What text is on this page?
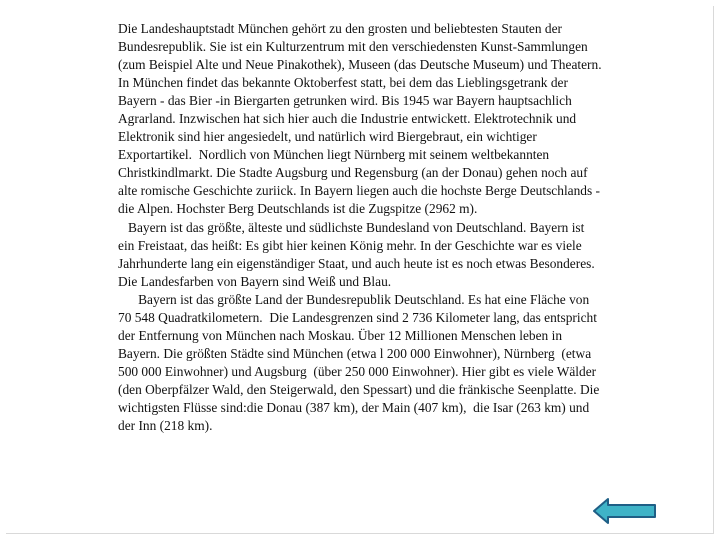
Die Landeshauptstadt München gehört zu den grosten und beliebtesten Stauten der
Bundesrepublik. Sie ist ein Kulturzentrum mit den verschiedensten Kunst-Sammlungen
(zum Beispiel Alte und Neue Pinakothek), Museen (das Deutsche Museum) und Theatern.
In München findet das bekannte Oktoberfest statt, bei dem das Lieblingsgetrank der
Bayern - das Bier -in Biergarten getrunken wird. Bis 1945 war Bayern hauptsachlich
Agrarland. Inzwischen hat sich hier auch die Industrie entwickett. Elektrotechnik und
Elektronik sind hier angesiedelt, und natürlich wird Biergebraut, ein wichtiger
Exportartikel.  Nordlich von München liegt Nürnberg mit seinem weltbekannten
Christkindlmarkt. Die Stadte Augsburg und Regensburg (an der Donau) gehen noch auf
alte romische Geschichte zuriick. In Bayern liegen auch die hochste Berge Deutschlands -
die Alpen. Hochster Berg Deutschlands ist die Zugspitze (2962 m).
Bayern ist das größte, älteste und südlichste Bundesland von Deutschland. Bayern ist
ein Freistaat, das heißt: Es gibt hier keinen König mehr. In der Geschichte war es viele
Jahrhunderte lang ein eigenständiger Staat, und auch heute ist es noch etwas Besonderes.
Die Landesfarben von Bayern sind Weiß und Blau.
Bayern ist das größte Land der Bundesrepublik Deutschland. Es hat eine Fläche von
70 548 Quadratkilometern.  Die Landesgrenzen sind 2 736 Kilometer lang, das entspricht
der Entfernung von München nach Moskau. Über 12 Millionen Menschen leben in
Bayern. Die größten Städte sind München (etwa l 200 000 Einwohner), Nürnberg  (etwa
500 000 Einwohner) und Augsburg  (über 250 000 Einwohner). Hier gibt es viele Wälder
(den Oberpfälzer Wald, den Steigerwald, den Spessart) und die fränkische Seenplatte. Die
wichtigsten Flüsse sind:die Donau (387 km), der Main (407 km),  die Isar (263 km) und
der Inn (218 km).
